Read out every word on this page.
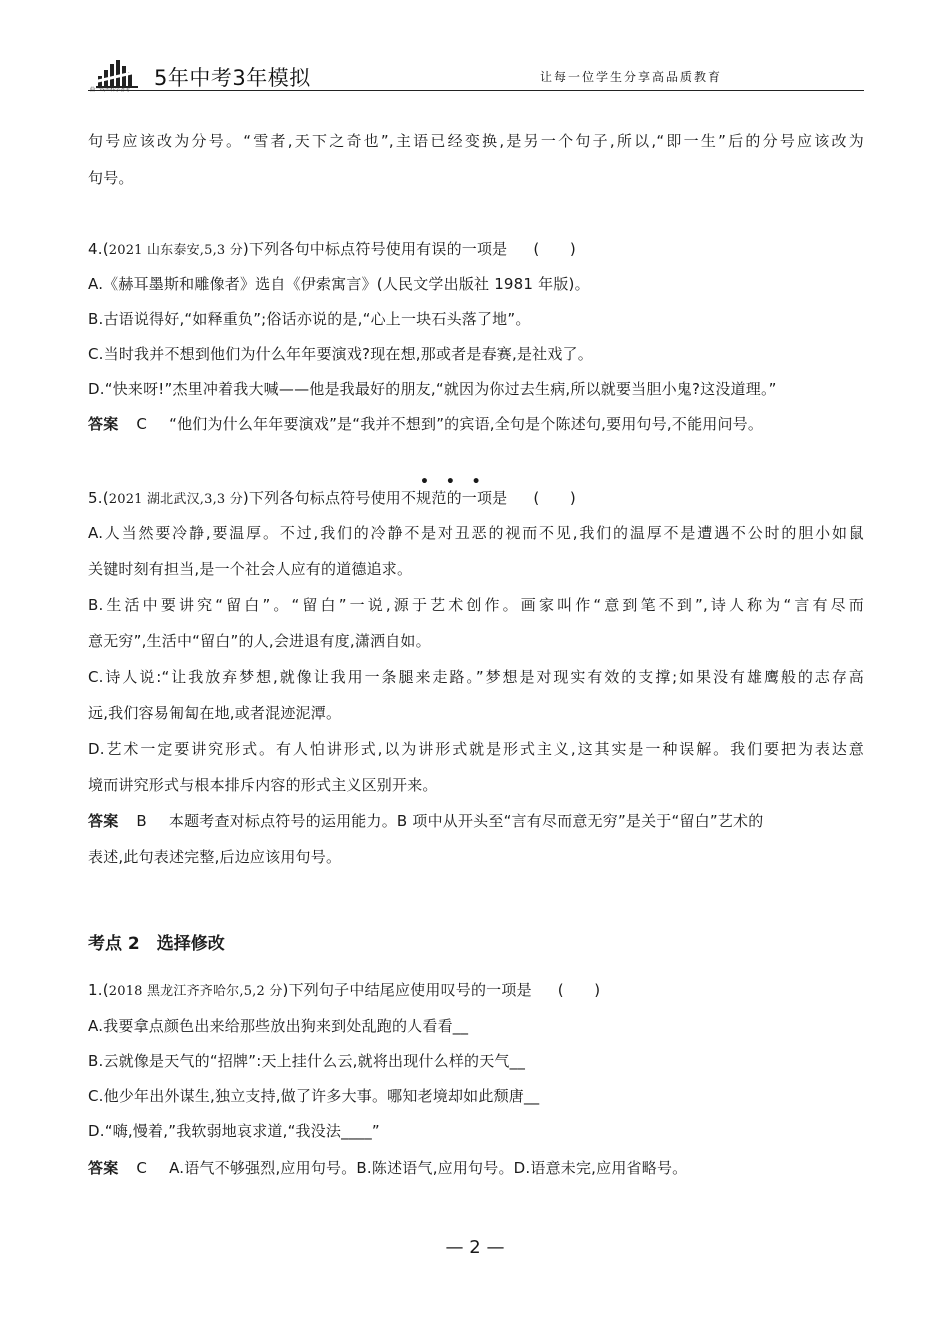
5年中考3年模拟	让每一位学生分享高品质教育
句号应该改为分号。“雪者,天下之奇也”,主语已经变换,是另一个句子,所以,“即一生”后的分号应该改为
句号。
4.(2021 山东泰安,5,3 分)下列各句中标点符号使用有误的一项是 (　　)
A.《赫耳墨斯和雕像者》选自《伊索寓言》(人民文学出版社 1981 年版)。
B.古语说得好,“如释重负”;俗话亦说的是,“心上一块石头落了地”。
C.当时我并不想到他们为什么年年要演戏?现在想,那或者是春赛,是社戏了。
D.“快来呀!”杰里冲着我大喊——他是我最好的朋友,“就因为你过去生病,所以就要当胆小鬼?这没道理。”
答案 C “他们为什么年年要演戏”是“我并不想到”的宾语,全句是个陈述句,要用句号,不能用问号。
5.(2021 湖北武汉,3,3 分)下列各句标点符号使用不规范的一项是 (　　)
A.人当然要冷静,要温厚。不过,我们的冷静不是对丑恶的视而不见,我们的温厚不是遭遇不公时的胆小如鼠
关键时刻有担当,是一个社会人应有的道德追求。
B.生活中要讲究“留白”。“留白”一说,源于艺术创作。画家叫作“意到笔不到”,诗人称为“言有尽而
意无穷”,生活中“留白”的人,会进退有度,潇洒自如。
C.诗人说:“让我放弃梦想,就像让我用一条腿来走路。”梦想是对现实有效的支撑;如果没有雄鹰般的志存高
远,我们容易匍匐在地,或者混迹泥潭。
D.艺术一定要讲究形式。有人怕讲形式,以为讲形式就是形式主义,这其实是一种误解。我们要把为表达意
境而讲究形式与根本排斥内容的形式主义区别开来。
答案 B 本题考查对标点符号的运用能力。B 项中从开头至“言有尽而意无穷”是关于“留白”艺术的
表述,此句表述完整,后边应该用句号。
考点 2　选择修改
1.(2018 黑龙江齐齐哈尔,5,2 分)下列句子中结尾应使用叹号的一项是 (　　)
A.我要拿点颜色出来给那些放出狗来到处乱跑的人看看__
B.云就像是天气的“招牌”:天上挂什么云,就将出现什么样的天气__
C.他少年出外谋生,独立支持,做了许多大事。哪知老境却如此颓唐__
D.“嗨,慢着,”我软弱地哀求道,“我没法____”
答案 C A.语气不够强烈,应用句号。B.陈述语气,应用句号。D.语意未完,应用省略号。
• • •
— 2 —
